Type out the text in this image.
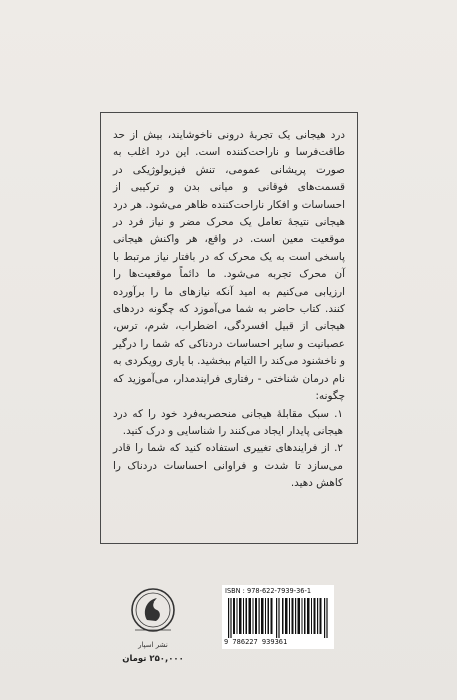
درد هیجانی یک تجربهٔ درونی ناخوشایند، بیش از حد طاقت‌فرسا و ناراحت‌کننده است. این درد اغلب به صورت پریشانی عمومی، تنش فیزیولوژیکی در قسمت‌های فوقانی و میانی بدن و ترکیبی از احساسات و افکار ناراحت‌کننده ظاهر می‌شود. هر درد هیجانی نتیجهٔ تعامل یک محرک مضر و نیاز فرد در موقعیت معین است. در واقع، هر واکنش هیجانی پاسخی است به یک محرک که در بافتار نیاز مرتبط با آن محرک تجربه می‌شود. ما دائماً موقعیت‌ها را ارزیابی می‌کنیم به امید آنکه نیازهای ما را برآورده کنند. کتاب حاضر به شما می‌آموزد که چگونه دردهای هیجانی از قبیل افسردگی، اضطراب، شرم، ترس، عصبانیت و سایر احساسات دردناکی که شما را درگیر و ناخشنود می‌کند را التیام ببخشید. با یاری رویکردی به نام درمان شناختی - رفتاری فرایندمدار، می‌آموزید که چگونه:

۱. سبک مقابلهٔ هیجانی منحصربه‌فرد خود را که درد هیجانی پایدار ایجاد می‌کنند را شناسایی و درک کنید.
۲. از فرایندهای تغییری استفاده کنید که شما را قادر می‌سازد تا شدت و فراوانی احساسات دردناک را کاهش دهید.
نشر اسپار
۲۵۰,۰۰۰ تومان
ISBN : 978-622-7939-36-1
9 786227 939361
